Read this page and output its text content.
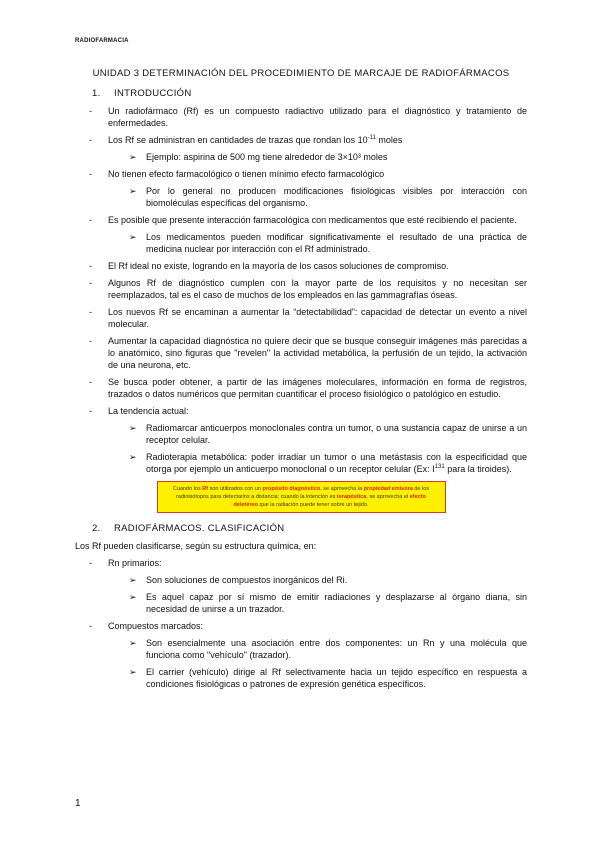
RADIOFARMACIA
UNIDAD 3 DETERMINACIÓN DEL PROCEDIMIENTO DE MARCAJE DE RADIOFÁRMACOS
1. INTRODUCCIÓN
- Un radiofármaco (Rf) es un compuesto radiactivo utilizado para el diagnóstico y tratamiento de enfermedades.
- Los Rf se administran en cantidades de trazas que rondan los $10^{-11}$ moles
➢ Ejemplo: aspirina de 500 mg tiene alrededor de 3×10³ moles
- No tienen efecto farmacológico o tienen mínimo efecto farmacológico
➢ Por lo general no producen modificaciones fisiológicas visibles por interacción con biomoléculas específicas del organismo.
- Es posible que presente interacción farmacológica con medicamentos que esté recibiendo el paciente.
➢ Los medicamentos pueden modificar significativamente el resultado de una práctica de medicina nuclear por interacción con el Rf administrado.
- El Rf ideal no existe, logrando en la mayoría de los casos soluciones de compromiso.
- Algunos Rf de diagnóstico cumplen con la mayor parte de los requisitos y no necesitan ser reemplazados, tal es el caso de muchos de los empleados en las gammagrafías óseas.
- Los nuevos Rf se encaminan a aumentar la “detectabilidad”: capacidad de detectar un evento a nivel molecular.
- Aumentar la capacidad diagnóstica no quiere decir que se busque conseguir imágenes más parecidas a lo anatómico, sino figuras que "revelen" la actividad metabólica, la perfusión de un tejido, la activación de una neurona, etc.
- Se busca poder obtener, a partir de las imágenes moleculares, información en forma de registros, trazados o datos numéricos que permitan cuantificar el proceso fisiológico o patológico en estudio.
- La tendencia actual:
➢ Radiomarcar anticuerpos monoclonales contra un tumor, o una sustancia capaz de unirse a un receptor celular.
➢ Radioterapia metabólica: poder irradiar un tumor o una metástasis con la especificidad que otorga por ejemplo un anticuerpo monoclonal o un receptor celular (Ex: $I^{131}$ para la tiroides).
Cuando los Rf son utilizados con un propósito diagnóstico, se aprovecha la propiedad emisora de los radioisótopos para detectarlos a distancia; cuando la intención es terapéutica, se aprovecha el efecto deletéreo que la radiación puede tener sobre un tejido.
2. RADIOFÁRMACOS. CLASIFICACIÓN
Los Rf pueden clasificarse, según su estructura química, en:
- Rn primarios:
➢ Son soluciones de compuestos inorgánicos del Ri.
➢ Es aquel capaz por sí mismo de emitir radiaciones y desplazarse al órgano diana, sin necesidad de unirse a un trazador.
- Compuestos marcados:
➢ Son esencialmente una asociación entre dos componentes: un Rn y una molécula que funciona como "vehículo" (trazador).
➢ El carrier (vehículo) dirige al Rf selectivamente hacia un tejido específico en respuesta a condiciones fisiológicas o patrones de expresión genética específicos.
1
